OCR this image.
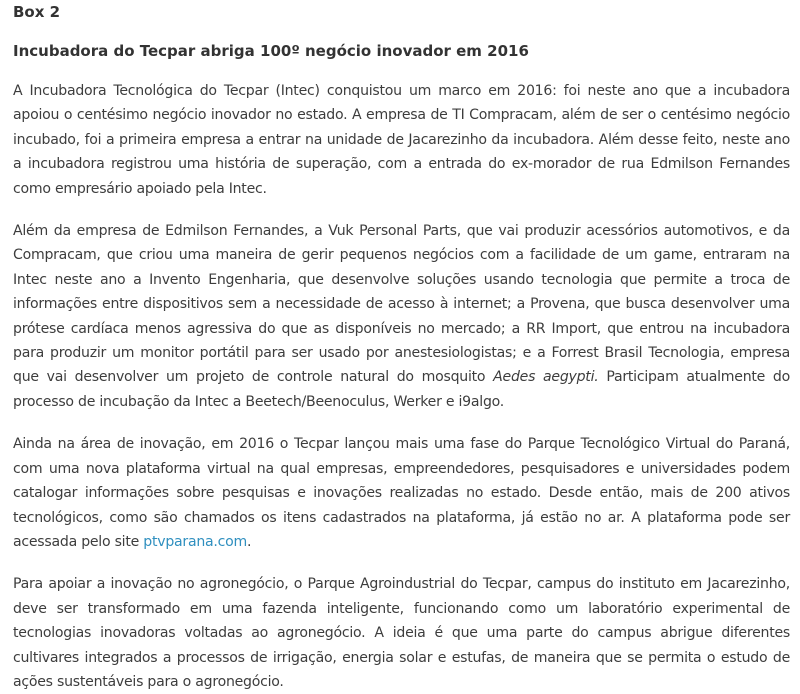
Box 2
Incubadora do Tecpar abriga 100º negócio inovador em 2016

A Incubadora Tecnológica do Tecpar (Intec) conquistou um marco em 2016: foi neste ano que a incubadora apoiou o centésimo negócio inovador no estado. A empresa de TI Compracam, além de ser o centésimo negócio incubado, foi a primeira empresa a entrar na unidade de Jacarezinho da incubadora. Além desse feito, neste ano a incubadora registrou uma história de superação, com a entrada do ex-morador de rua Edmilson Fernandes como empresário apoiado pela Intec.

Além da empresa de Edmilson Fernandes, a Vuk Personal Parts, que vai produzir acessórios automotivos, e da Compracam, que criou uma maneira de gerir pequenos negócios com a facilidade de um game, entraram na Intec neste ano a Invento Engenharia, que desenvolve soluções usando tecnologia que permite a troca de informações entre dispositivos sem a necessidade de acesso à internet; a Provena, que busca desenvolver uma prótese cardíaca menos agressiva do que as disponíveis no mercado; a RR Import, que entrou na incubadora para produzir um monitor portátil para ser usado por anestesiologistas; e a Forrest Brasil Tecnologia, empresa que vai desenvolver um projeto de controle natural do mosquito Aedes aegypti. Participam atualmente do processo de incubação da Intec a Beetech/Beenoculus, Werker e i9algo.

Ainda na área de inovação, em 2016 o Tecpar lançou mais uma fase do Parque Tecnológico Virtual do Paraná, com uma nova plataforma virtual na qual empresas, empreendedores, pesquisadores e universidades podem catalogar informações sobre pesquisas e inovações realizadas no estado. Desde então, mais de 200 ativos tecnológicos, como são chamados os itens cadastrados na plataforma, já estão no ar. A plataforma pode ser acessada pelo site ptvparana.com.

Para apoiar a inovação no agronegócio, o Parque Agroindustrial do Tecpar, campus do instituto em Jacarezinho, deve ser transformado em uma fazenda inteligente, funcionando como um laboratório experimental de tecnologias inovadoras voltadas ao agronegócio. A ideia é que uma parte do campus abrigue diferentes cultivares integrados a processos de irrigação, energia solar e estufas, de maneira que se permita o estudo de ações sustentáveis para o agronegócio.
